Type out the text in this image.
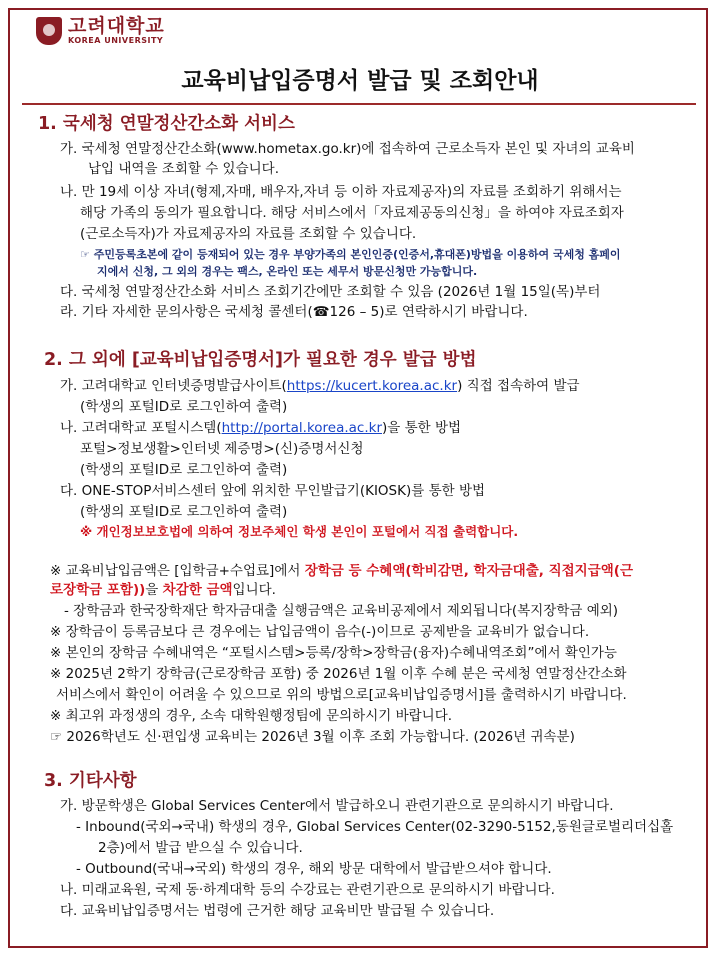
고려대학교
KOREA UNIVERSITY
교육비납입증명서 발급 및 조회안내
1. 국세청 연말정산간소화 서비스
가. 국세청 연말정산간소화(www.hometax.go.kr)에 접속하여 근로소득자 본인 및 자녀의 교육비
납입 내역을 조회할 수 있습니다.
나. 만 19세 이상 자녀(형제,자매, 배우자,자녀 등 이하 자료제공자)의 자료를 조회하기 위해서는
해당 가족의 동의가 필요합니다. 해당 서비스에서「자료제공동의신청」을 하여야 자료조회자
(근로소득자)가 자료제공자의 자료를 조회할 수 있습니다.
☞ 주민등록초본에 같이 등재되어 있는 경우 부양가족의 본인인증(인증서,휴대폰)방법을 이용하여 국세청 홈페이
지에서 신청, 그 외의 경우는 팩스, 온라인 또는 세무서 방문신청만 가능합니다.
다. 국세청 연말정산간소화 서비스 조회기간에만 조회할 수 있음 (2026년 1월 15일(목)부터
라. 기타 자세한 문의사항은 국세청 콜센터(☎126 – 5)로 연락하시기 바랍니다.
2. 그 외에 [교육비납입증명서]가 필요한 경우 발급 방법
가. 고려대학교 인터넷증명발급사이트(https://kucert.korea.ac.kr) 직접 접속하여 발급
(학생의 포털ID로 로그인하여 출력)
나. 고려대학교 포털시스템(http://portal.korea.ac.kr)을 통한 방법
포털>정보생활>인터넷 제증명>(신)증명서신청
(학생의 포털ID로 로그인하여 출력)
다. ONE-STOP서비스센터 앞에 위치한 무인발급기(KIOSK)를 통한 방법
(학생의 포털ID로 로그인하여 출력)
※ 개인정보보호법에 의하여 정보주체인 학생 본인이 포털에서 직접 출력합니다.
※ 교육비납입금액은 [입학금+수업료]에서 장학금 등 수혜액(학비감면, 학자금대출, 직접지급액(근
로장학금 포함))을 차감한 금액입니다.
- 장학금과 한국장학재단 학자금대출 실행금액은 교육비공제에서 제외됩니다(복지장학금 예외)
※ 장학금이 등록금보다 큰 경우에는 납입금액이 음수(-)이므로 공제받을 교육비가 없습니다.
※ 본인의 장학금 수혜내역은 “포털시스템>등록/장학>장학금(융자)수혜내역조회”에서 확인가능
※ 2025년 2학기 장학금(근로장학금 포함) 중 2026년 1월 이후 수혜 분은 국세청 연말정산간소화
서비스에서 확인이 어려울 수 있으므로 위의 방법으로[교육비납입증명서]를 출력하시기 바랍니다.
※ 최고위 과정생의 경우, 소속 대학원행정팀에 문의하시기 바랍니다.
☞ 2026학년도 신·편입생 교육비는 2026년 3월 이후 조회 가능합니다. (2026년 귀속분)
3. 기타사항
가. 방문학생은 Global Services Center에서 발급하오니 관련기관으로 문의하시기 바랍니다.
- Inbound(국외→국내) 학생의 경우, Global Services Center(02-3290-5152,동원글로벌리더십홀
2층)에서 발급 받으실 수 있습니다.
- Outbound(국내→국외) 학생의 경우, 해외 방문 대학에서 발급받으셔야 합니다.
나. 미래교육원, 국제 동·하계대학 등의 수강료는 관련기관으로 문의하시기 바랍니다.
다. 교육비납입증명서는 법령에 근거한 해당 교육비만 발급될 수 있습니다.
